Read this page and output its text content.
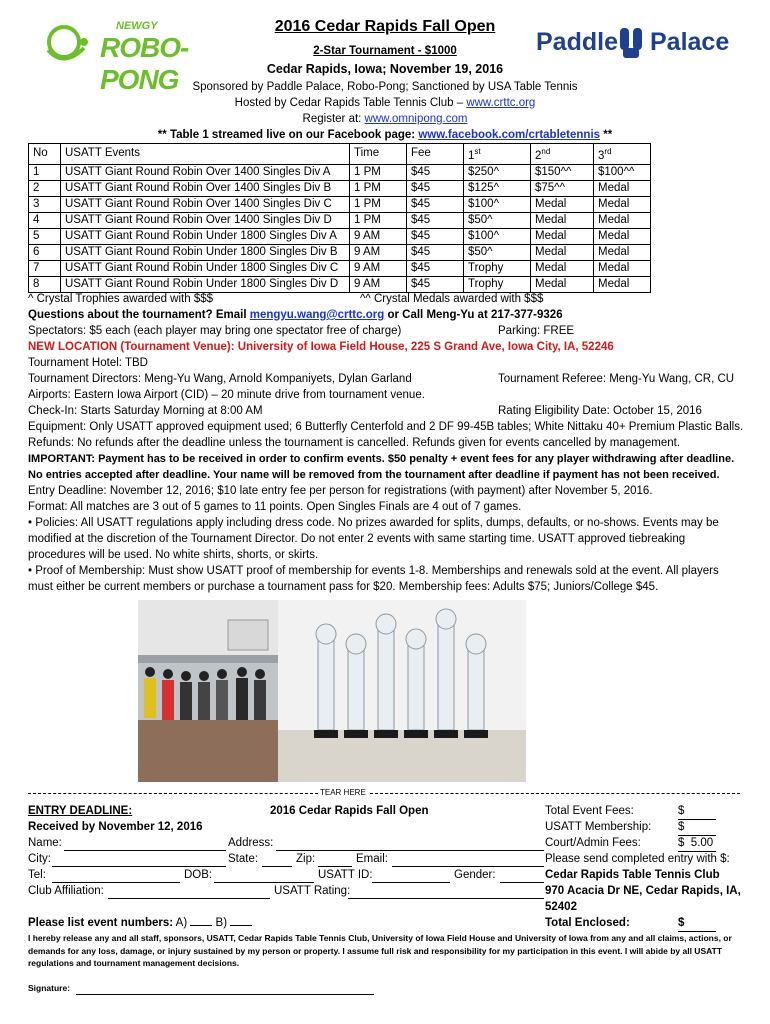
NEWGY
ROBO-PONG
Paddle Palace
2016 Cedar Rapids Fall Open
2-Star Tournament - $1000
Cedar Rapids, Iowa; November 19, 2016
Sponsored by Paddle Palace, Robo-Pong; Sanctioned by USA Table Tennis
Hosted by Cedar Rapids Table Tennis Club – www.crttc.org
Register at: www.omnipong.com
** Table 1 streamed live on our Facebook page: www.facebook.com/crtabletennis **
No	USATT Events	Time	Fee	1st	2nd	3rd
1	USATT Giant Round Robin Over 1400 Singles Div A	1 PM	$45	$250^	$150^^	$100^^
2	USATT Giant Round Robin Over 1400 Singles Div B	1 PM	$45	$125^	$75^^	Medal
3	USATT Giant Round Robin Over 1400 Singles Div C	1 PM	$45	$100^	Medal	Medal
4	USATT Giant Round Robin Over 1400 Singles Div D	1 PM	$45	$50^	Medal	Medal
5	USATT Giant Round Robin Under 1800 Singles Div A	9 AM	$45	$100^	Medal	Medal
6	USATT Giant Round Robin Under 1800 Singles Div B	9 AM	$45	$50^	Medal	Medal
7	USATT Giant Round Robin Under 1800 Singles Div C	9 AM	$45	Trophy	Medal	Medal
8	USATT Giant Round Robin Under 1800 Singles Div D	9 AM	$45	Trophy	Medal	Medal
^ Crystal Trophies awarded with $$$	^^ Crystal Medals awarded with $$$
Questions about the tournament? Email mengyu.wang@crttc.org or Call Meng-Yu at 217-377-9326
Spectators: $5 each (each player may bring one spectator free of charge)	Parking: FREE
NEW LOCATION (Tournament Venue): University of Iowa Field House, 225 S Grand Ave, Iowa City, IA, 52246
Tournament Hotel: TBD
Tournament Directors: Meng-Yu Wang, Arnold Kompaniyets, Dylan Garland	Tournament Referee: Meng-Yu Wang, CR, CU
Airports: Eastern Iowa Airport (CID) – 20 minute drive from tournament venue.
Check-In: Starts Saturday Morning at 8:00 AM	Rating Eligibility Date: October 15, 2016
Equipment: Only USATT approved equipment used; 6 Butterfly Centerfold and 2 DF 99-45B tables; White Nittaku 40+ Premium Plastic Balls.
Refunds: No refunds after the deadline unless the tournament is cancelled. Refunds given for events cancelled by management.
IMPORTANT: Payment has to be received in order to confirm events. $50 penalty + event fees for any player withdrawing after deadline.
No entries accepted after deadline. Your name will be removed from the tournament after deadline if payment has not been received.
Entry Deadline: November 12, 2016; $10 late entry fee per person for registrations (with payment) after November 5, 2016.
Format: All matches are 3 out of 5 games to 11 points. Open Singles Finals are 4 out of 7 games.
• Policies: All USATT regulations apply including dress code. No prizes awarded for splits, dumps, defaults, or no-shows. Events may be
modified at the discretion of the Tournament Director. Do not enter 2 events with same starting time. USATT approved tiebreaking
procedures will be used. No white shirts, shorts, or skirts.
• Proof of Membership: Must show USATT proof of membership for events 1-8. Memberships and renewals sold at the event. All players
must either be current members or purchase a tournament pass for $20. Membership fees: Adults $75; Juniors/College $45.
TEAR HERE
ENTRY DEADLINE:
Received by November 12, 2016
2016 Cedar Rapids Fall Open	Total Event Fees:	$
USATT Membership: $
Court/Admin Fees:	$ 5.00
Name:	Address:
City:	State:	Zip:	Email:	Please send completed entry with $:
Tel:	DOB:	USATT ID:	Gender:	Cedar Rapids Table Tennis Club
Club Affiliation:	USATT Rating:	970 Acacia Dr NE, Cedar Rapids, IA,
52402
Please list event numbers: A)  B)	Total Enclosed:	$
I hereby release any and all staff, sponsors, USATT, Cedar Rapids Table Tennis Club, University of Iowa Field House and University of Iowa from any and all claims, actions, or demands for any loss, damage, or injury sustained by my person or property. I assume full risk and responsibility for my participation in this event. I will abide by all USATT regulations and tournament management decisions.
Signature:
